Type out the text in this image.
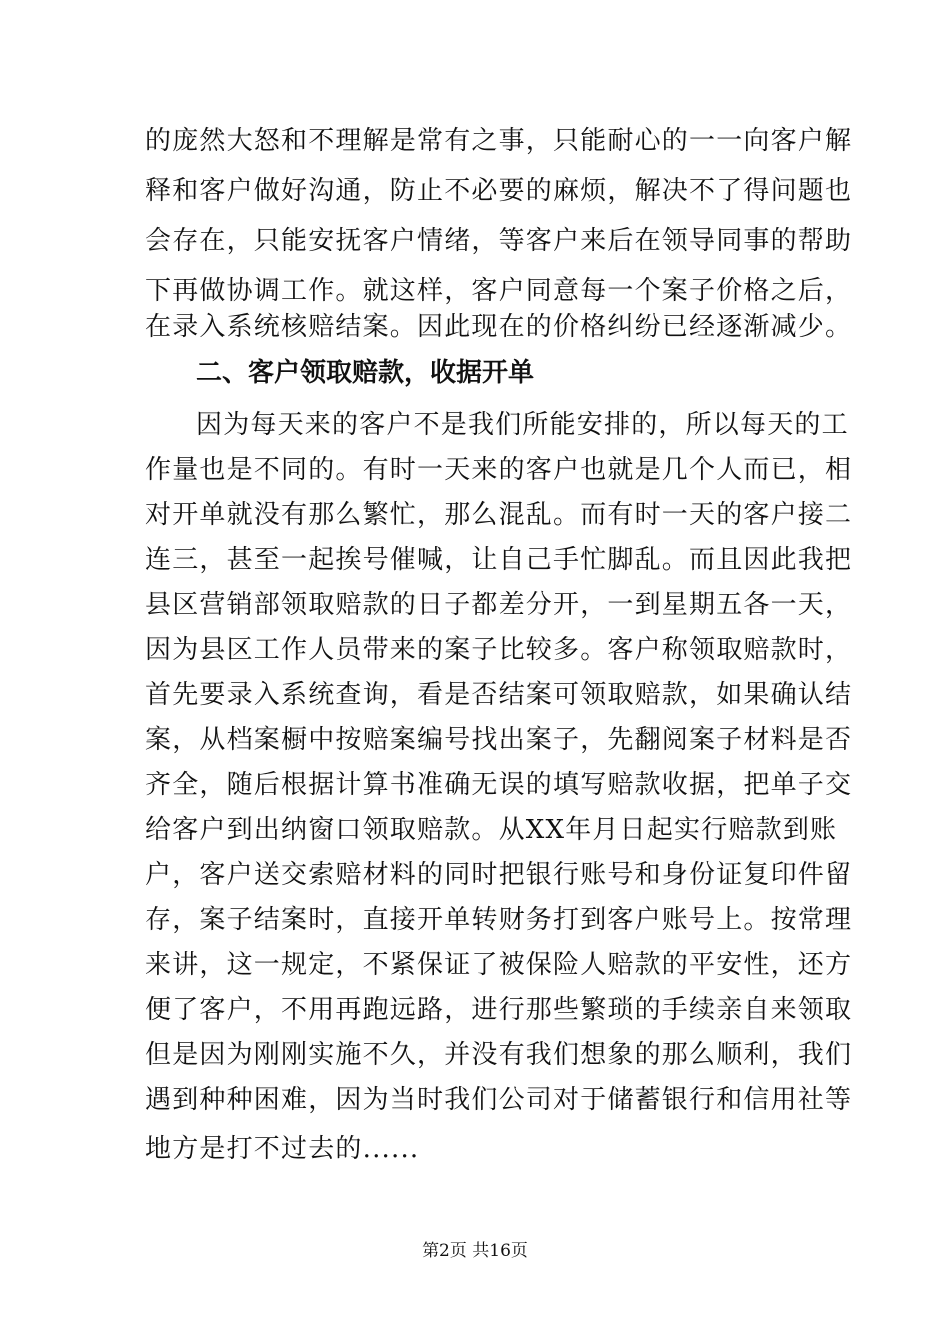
的庞然大怒和不理解是常有之事，只能耐心的一一向客户解
释和客户做好沟通，防止不必要的麻烦，解决不了得问题也
会存在，只能安抚客户情绪，等客户来后在领导同事的帮助
下再做协调工作。就这样，客户同意每一个案子价格之后，
在录入系统核赔结案。因此现在的价格纠纷已经逐渐减少。
二、客户领取赔款，收据开单
因为每天来的客户不是我们所能安排的，所以每天的工
作量也是不同的。有时一天来的客户也就是几个人而已，相
对开单就没有那么繁忙，那么混乱。而有时一天的客户接二
连三，甚至一起挨号催喊，让自己手忙脚乱。而且因此我把
县区营销部领取赔款的日子都差分开，一到星期五各一天，
因为县区工作人员带来的案子比较多。客户称领取赔款时，
首先要录入系统查询，看是否结案可领取赔款，如果确认结
案，从档案橱中按赔案编号找出案子，先翻阅案子材料是否
齐全，随后根据计算书准确无误的填写赔款收据，把单子交
给客户到出纳窗口领取赔款。从XX年月日起实行赔款到账
户，客户送交索赔材料的同时把银行账号和身份证复印件留
存，案子结案时，直接开单转财务打到客户账号上。按常理
来讲，这一规定，不紧保证了被保险人赔款的平安性，还方
便了客户，不用再跑远路，进行那些繁琐的手续亲自来领取
但是因为刚刚实施不久，并没有我们想象的那么顺利，我们
遇到种种困难，因为当时我们公司对于储蓄银行和信用社等
地方是打不过去的......
第2页 共16页
